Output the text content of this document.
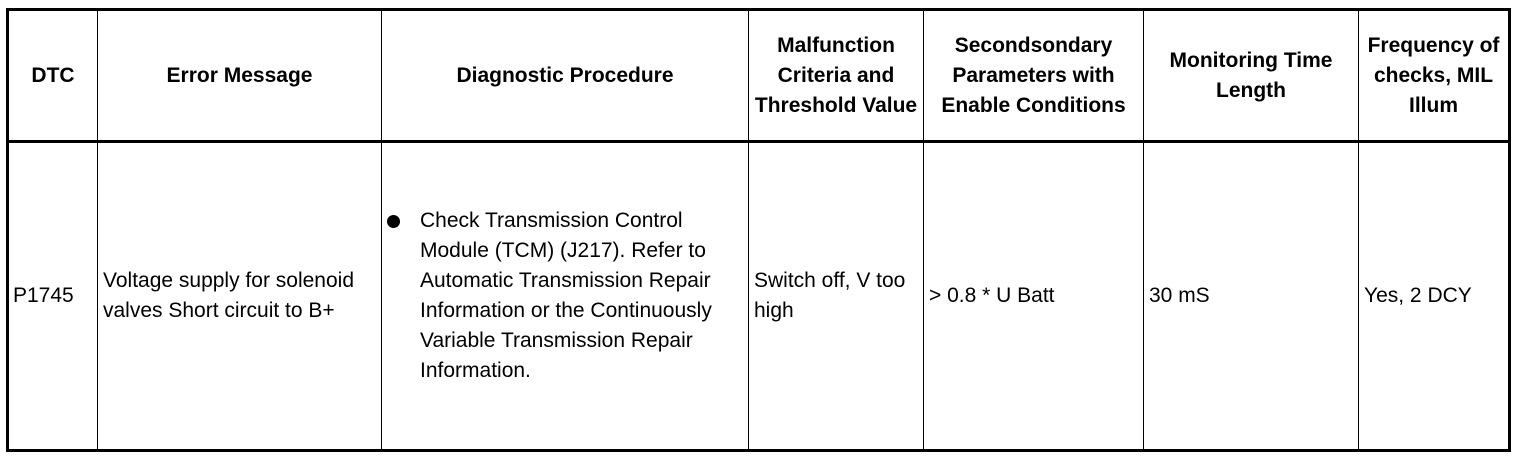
DTC	Error Message	Diagnostic Procedure	Malfunction Criteria and Threshold Value	Secondsondary Parameters with Enable Conditions	Monitoring Time Length	Frequency of checks, MIL Illum
P1745	Voltage supply for solenoid valves Short circuit to B+	Check Transmission Control Module (TCM) (J217). Refer to Automatic Transmission Repair Information or the Continuously Variable Transmission Repair Information.	Switch off, V too high	> 0.8 * U Batt	30 mS	Yes, 2 DCY
